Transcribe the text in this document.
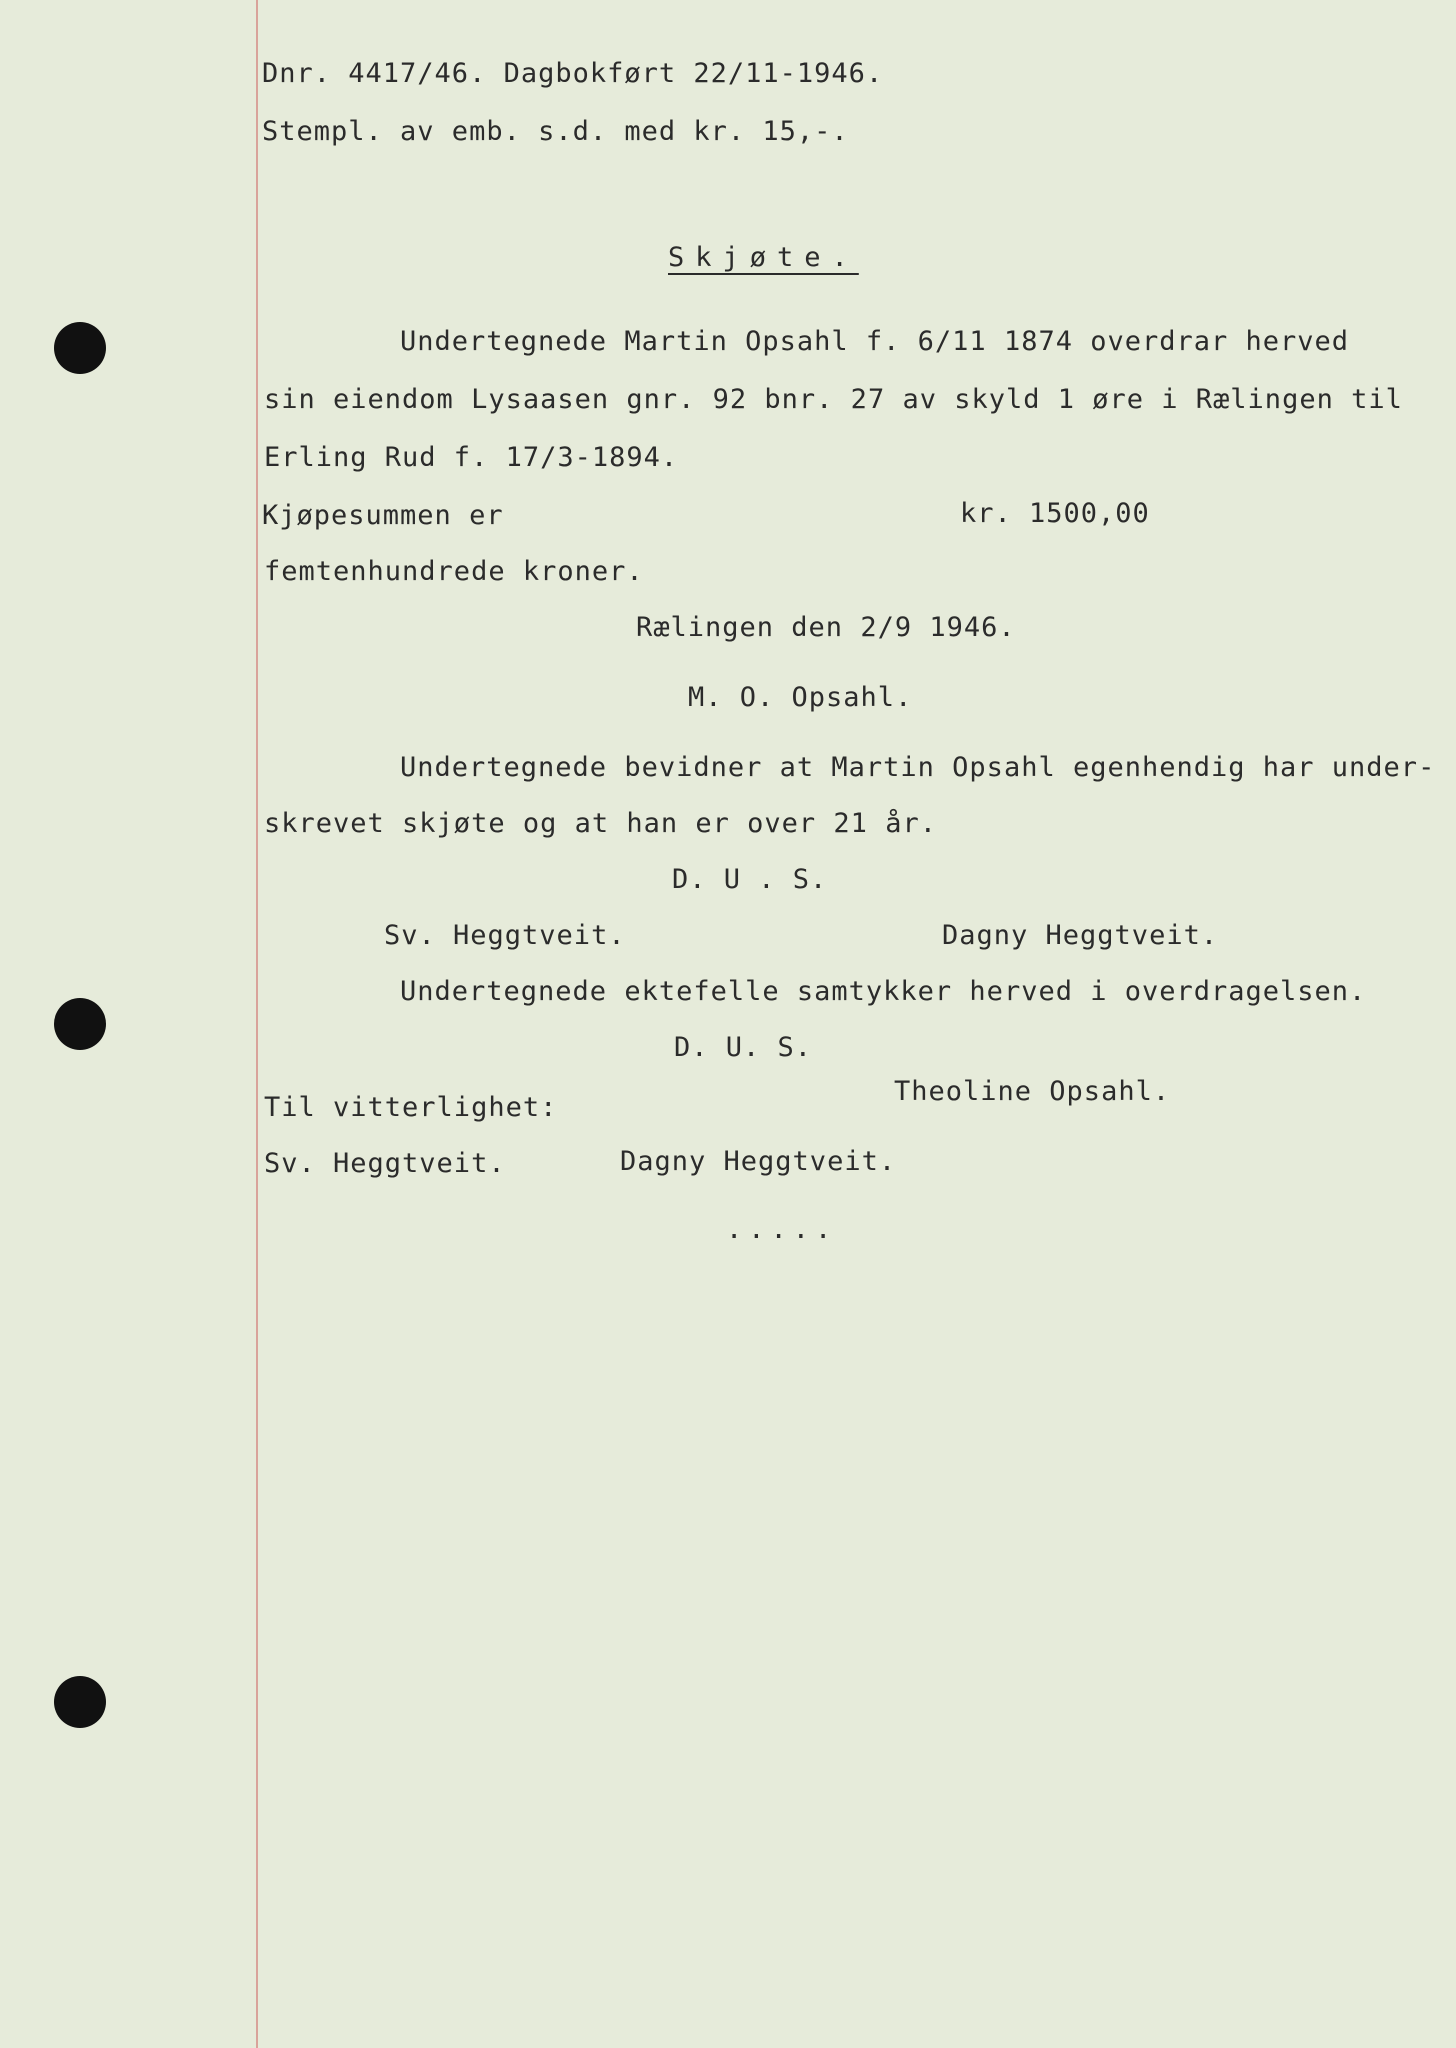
Dnr. 4417/46. Dagbokført 22/11-1946.
Stempl. av emb. s.d. med kr. 15,-.
Skjøte.
Undertegnede Martin Opsahl f. 6/11 1874 overdrar herved
sin eiendom Lysaasen gnr. 92 bnr. 27 av skyld 1 øre i Rælingen til
Erling Rud f. 17/3-1894.
Kjøpesummen er	kr. 1500,00
femtenhundrede kroner.
Rælingen den 2/9 1946.
M. O. Opsahl.
Undertegnede bevidner at Martin Opsahl egenhendig har under-
skrevet skjøte og at han er over 21 år.
D. U . S.
Sv. Heggtveit.	Dagny Heggtveit.
Undertegnede ektefelle samtykker herved i overdragelsen.
D. U. S.
Theoline Opsahl.
Til vitterlighet:
Sv. Heggtveit.	Dagny Heggtveit.
.....
